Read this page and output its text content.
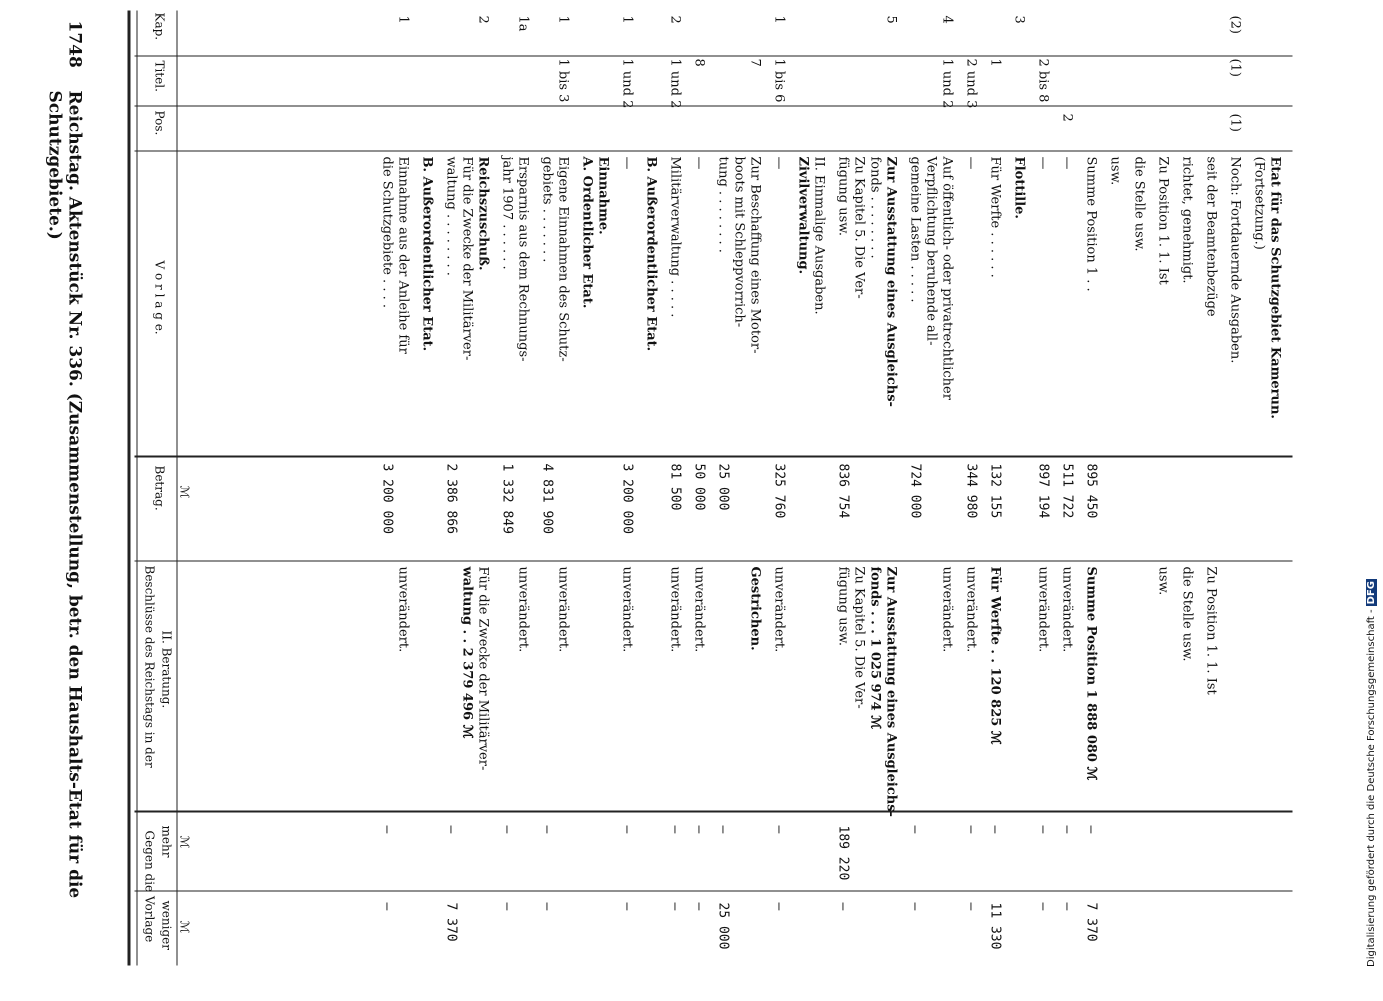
1748
Reichstag. Aktenstück Nr. 336. (Zusammenstellung, betr. den Haushalts-Etat für die Schutzgebiete.)
Kap.
Titel.
Pos.
V o r l a g e.
Betrag. ℳ
Beschlüsse des Reichstags in der II. Beratung.
Gegen die Vorlage mehr
weniger
ℳ
ℳ
Etat für das Schutzgebiet Kamerun.
(Fortsetzung.)
(2)
(1)
(1)
Noch: Fortdauernde Ausgaben.
seit der Beamtenbezüge
Zu Position 1. 1. Ist
richtet, genehmigt.
die Stelle usw.
Zu Position 1. 1. Ist
usw.
die Stelle usw.
usw.
Summe Position 1 . .
895 450
Summe Position 1 888 080 ℳ
—
7 370
2
—
511 722
unverändert.
—
—
2 bis 8
—
897 194
unverändert.
—
—
3
Flottille.
1
Für Werfte . . . . . .
132 155
Für Werfte . . 120 825 ℳ
—
11 330
2 und 3
—
344 980
unverändert.
—
—
4
1 und 2
Auf öffentlich- oder privatrechtlicher
Verpflichtung beruhende all-
gemeine Lasten . . . . .
724 000
unverändert.
—
—
5
Zur Ausstattung eines Ausgleichs-
fonds . . . . . . . .
Zu Kapitel 5. Die Ver-
fügung usw.
836 754
Zur Ausstattung eines Ausgleichs-
fonds . . . 1 025 974 ℳ
Zu Kapitel 5. Die Ver-
fügung usw.
189 220
—
II. Einmalige Ausgaben.
Zivilverwaltung.
1
1 bis 6
—
325 760
unverändert.
—
—
7
Zur Beschaffung eines Motor-
boots mit Schleppvorrich-
tung . . . . . . . .
25 000
Gestrichen.
—
25 000
8
—
50 000
unverändert.
—
—
2
1 und 2
Militärverwaltung . . . . .
81 500
unverändert.
—
—
B. Außerordentlicher Etat.
1
1 und 2
—
3 200 000
unverändert.
—
—
Einnahme.
A. Ordentlicher Etat.
1
1 bis 3
Eigene Einnahmen des Schutz-
gebiets . . . . . . .
4 831 900
unverändert.
—
—
1a
Ersparnis aus dem Rechnungs-
jahr 1907 . . . . . .
1 332 849
unverändert.
—
—
2
Reichszuschuß.
Für die Zwecke der Militärver-
waltung . . . . . . . .
2 386 866
Für die Zwecke der Militärver-
waltung . . 2 379 496 ℳ
—
7 370
B. Außerordentlicher Etat.
1
Einnahme aus der Anleihe für
die Schutzgebiete . . . .
3 200 000
unverändert.
—
—	Digitalisierung gefördert durch die Deutsche Forschungsgemeinschaft -DFG
